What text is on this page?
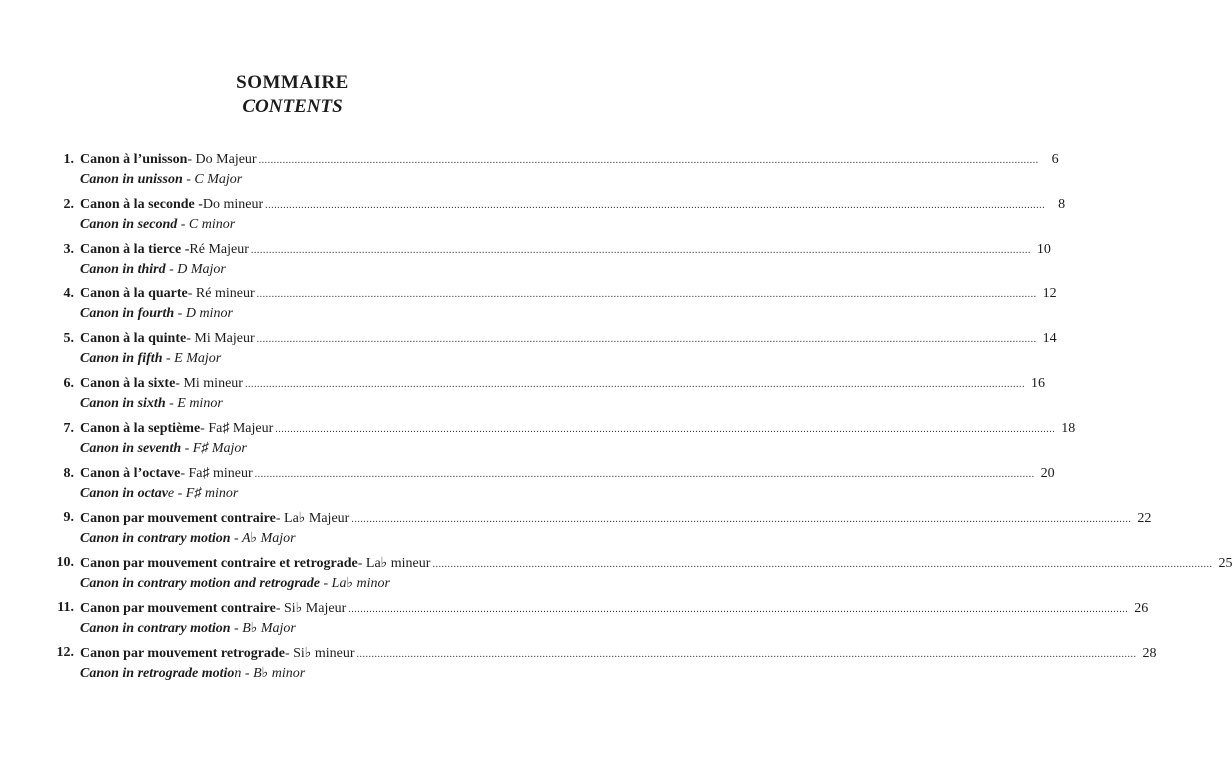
SOMMAIRE
CONTENTS
1. Canon à l’unisson - Do Majeur .................................................................................................................................................................................................................................................................... 6
Canon in unisson - C Major
2. Canon à la seconde - Do mineur .................................................................................................................................................................................................................................................................... 8
Canon in second - C minor
3. Canon à la tierce - Ré Majeur .................................................................................................................................................................................................................................................................... 10
Canon in third - D Major
4. Canon à la quarte - Ré mineur .................................................................................................................................................................................................................................................................... 12
Canon in fourth - D minor
5. Canon à la quinte - Mi Majeur .................................................................................................................................................................................................................................................................... 14
Canon in fifth - E Major
6. Canon à la sixte - Mi mineur .................................................................................................................................................................................................................................................................... 16
Canon in sixth - E minor
7. Canon à la septième - Fa♯ Majeur .................................................................................................................................................................................................................................................................... 18
Canon in seventh - F♯ Major
8. Canon à l’octave - Fa♯ mineur .................................................................................................................................................................................................................................................................... 20
Canon in octave - F♯ minor
9. Canon par mouvement contraire - La♭ Majeur .................................................................................................................................................................................................................................................................... 22
Canon in contrary motion - A♭ Major
10. Canon par mouvement contraire et retrograde - La♭ mineur .................................................................................................................................................................................................................................................................... 25
Canon in contrary motion and retrograde - La♭ minor
11. Canon par mouvement contraire - Si♭ Majeur .................................................................................................................................................................................................................................................................... 26
Canon in contrary motion - B♭ Major
12. Canon par mouvement retrograde - Si♭ mineur .................................................................................................................................................................................................................................................................... 28
Canon in retrograde motion - B♭ minor
